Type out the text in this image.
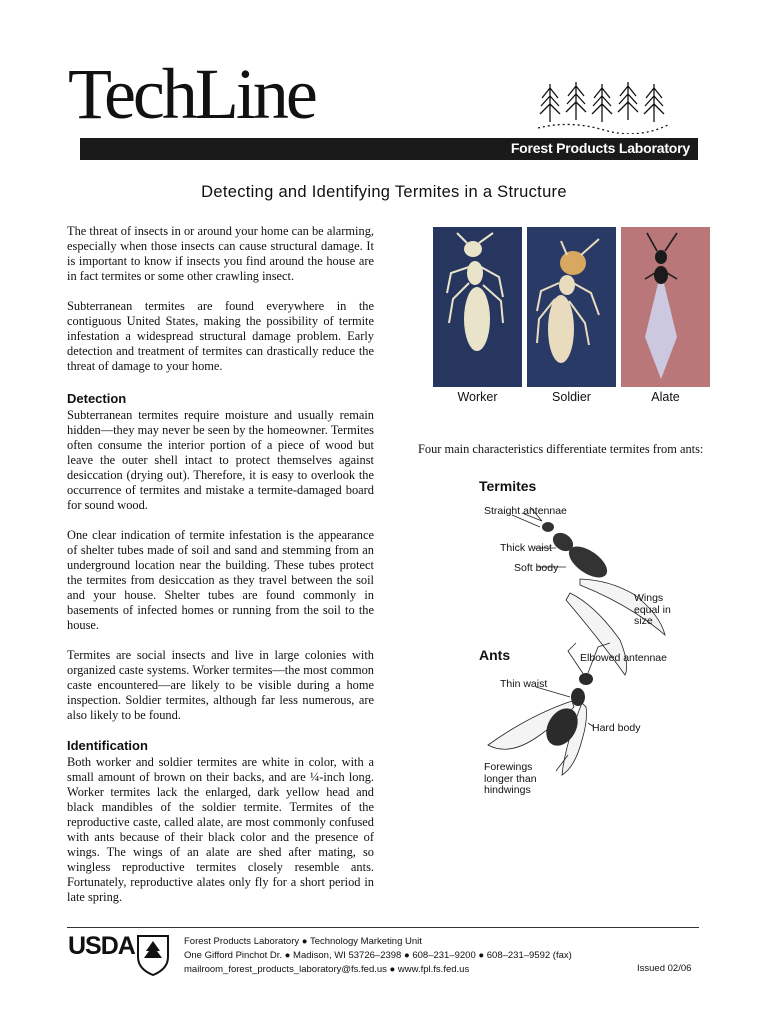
TechLine
Forest Products Laboratory
Detecting and Identifying Termites in a Structure

The threat of insects in or around your home can be alarming, especially when those insects can cause structural damage. It is important to know if insects you find around the house are in fact termites or some other crawling insect.

Subterranean termites are found everywhere in the contiguous United States, making the possibility of termite infestation a widespread structural damage problem. Early detection and treatment of termites can drastically reduce the threat of damage to your home.

Detection

Subterranean termites require moisture and usually remain hidden—they may never be seen by the homeowner. Termites often consume the interior portion of a piece of wood but leave the outer shell intact to protect themselves against desiccation (drying out). Therefore, it is easy to overlook the occurrence of termites and mistake a termite-damaged board for sound wood.

One clear indication of termite infestation is the appearance of shelter tubes made of soil and sand and stemming from an underground location near the building. These tubes protect the termites from desiccation as they travel between the soil and your house. Shelter tubes are found commonly in basements of infected homes or running from the soil to the house.

Termites are social insects and live in large colonies with organized caste systems. Worker termites—the most common caste encountered—are likely to be visible during a home inspection. Soldier termites, although far less numerous, are also likely to be found.

Identification

Both worker and soldier termites are white in color, with a small amount of brown on their backs, and are ¼-inch long. Worker termites lack the enlarged, dark yellow head and black mandibles of the soldier termite. Termites of the reproductive caste, called alate, are most commonly confused with ants because of their black color and the presence of wings. The wings of an alate are shed after mating, so wingless reproductive termites closely resemble ants. Fortunately, reproductive alates only fly for a short period in late spring.

Worker	Soldier	Alate
Four main characteristics differentiate termites from ants:
Termites
Straight antennae
Thick waist
Soft body
Wings equal in size
Ants	Elbowed antennae
Thin waist
Hard body
Forewings longer than hindwings
USDA	Forest Products Laboratory ● Technology Marketing Unit
One Gifford Pinchot Dr. ● Madison, WI 53726–2398 ● 608–231–9200 ● 608–231–9592 (fax)
mailroom_forest_products_laboratory@fs.fed.us ● www.fpl.fs.fed.us	Issued 02/06
